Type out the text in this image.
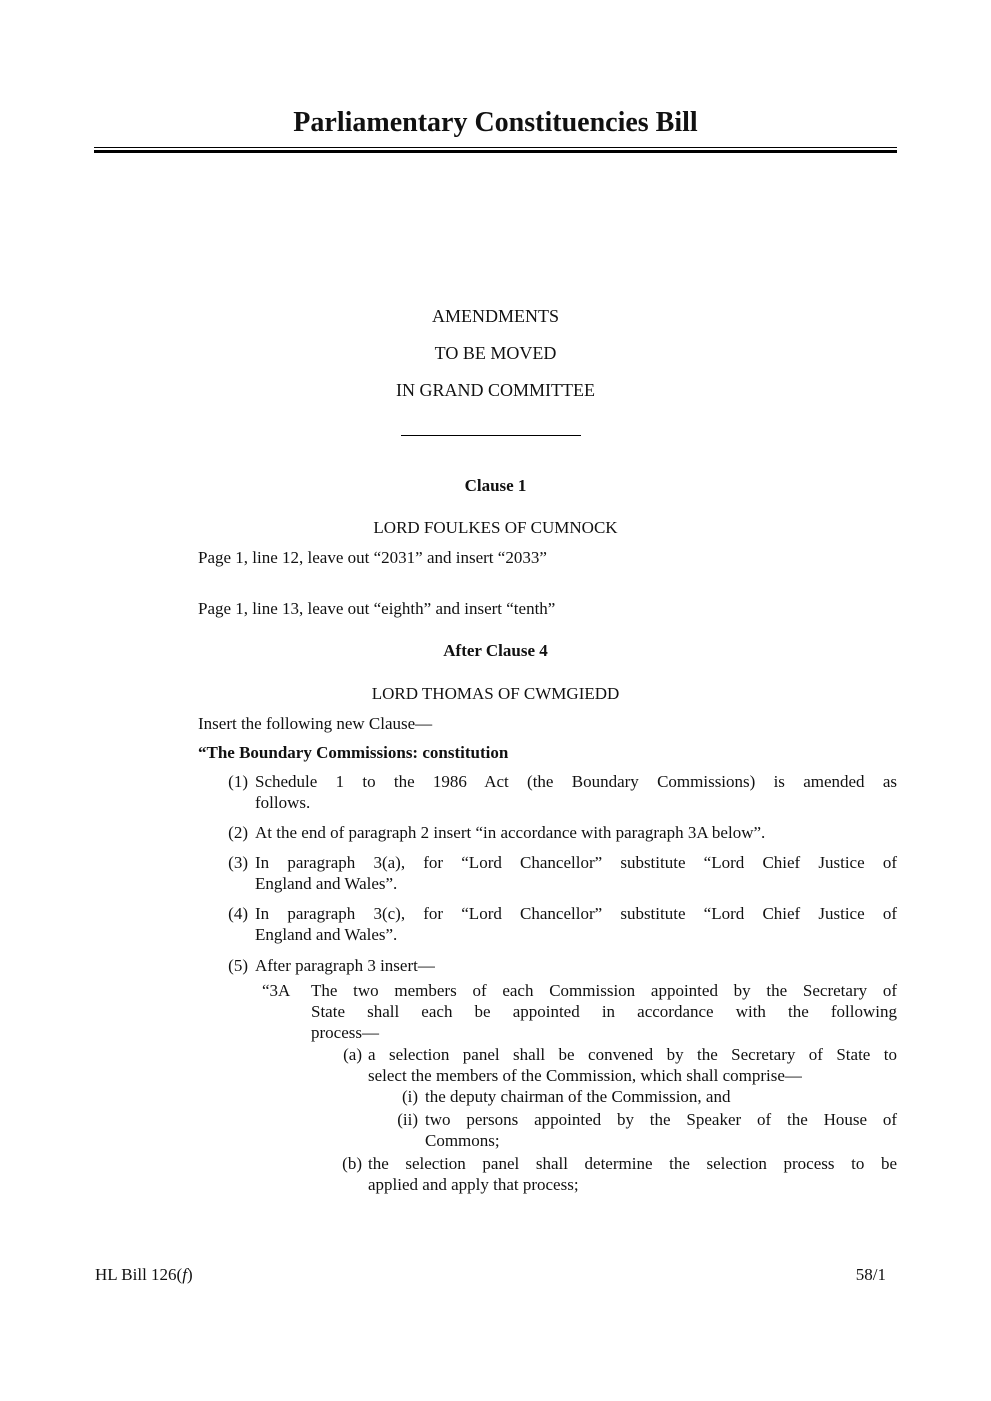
Parliamentary Constituencies Bill
AMENDMENTS
TO BE MOVED
IN GRAND COMMITTEE
Clause 1
LORD FOULKES OF CUMNOCK
Page 1, line 12, leave out “2031” and insert “2033”
Page 1, line 13, leave out “eighth” and insert “tenth”
After Clause 4
LORD THOMAS OF CWMGIEDD
Insert the following new Clause—
“The Boundary Commissions: constitution
(1) Schedule 1 to the 1986 Act (the Boundary Commissions) is amended as
follows.
(2) At the end of paragraph 2 insert “in accordance with paragraph 3A below”.
(3) In paragraph 3(a), for “Lord Chancellor” substitute “Lord Chief Justice of
England and Wales”.
(4) In paragraph 3(c), for “Lord Chancellor” substitute “Lord Chief Justice of
England and Wales”.
(5) After paragraph 3 insert—
“3A	The two members of each Commission appointed by the Secretary of
State shall each be appointed in accordance with the following
process—
(a) a selection panel shall be convened by the Secretary of State to
select the members of the Commission, which shall comprise—
(i) the deputy chairman of the Commission, and
(ii) two persons appointed by the Speaker of the House of
Commons;
(b) the selection panel shall determine the selection process to be
applied and apply that process;
HL Bill 126(f)	58/1
